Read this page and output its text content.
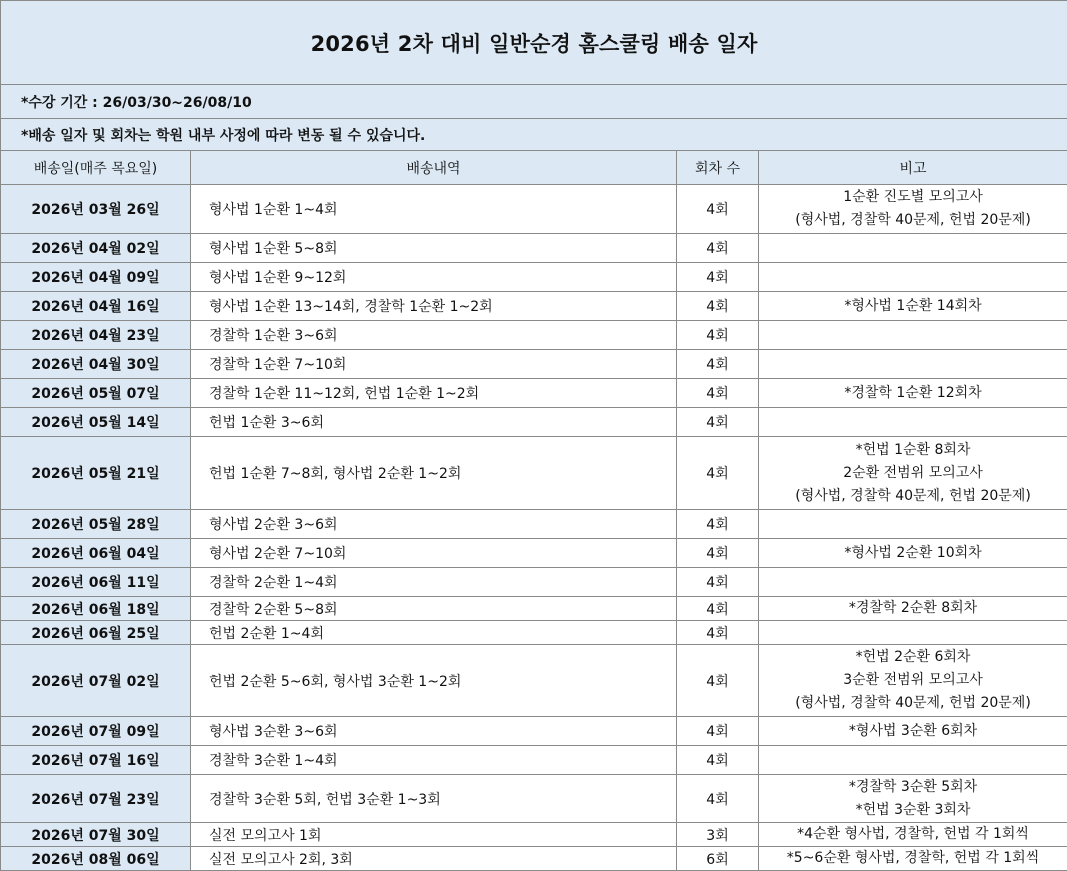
2026년 2차 대비 일반순경 홈스쿨링 배송 일자			
*수강 기간 : 26/03/30~26/08/10			
*배송 일자 및 회차는 학원 내부 사정에 따라 변동 될 수 있습니다.			
배송일(매주 목요일)	배송내역	회차 수	비고
2026년 03월 26일	형사법 1순환 1~4회	4회	1순환 진도별 모의고사
(형사법, 경찰학 40문제, 헌법 20문제)

2026년 04월 02일	형사법 1순환 5~8회	4회	
2026년 04월 09일	형사법 1순환 9~12회	4회	
2026년 04월 16일	형사법 1순환 13~14회, 경찰학 1순환 1~2회	4회	*형사법 1순환 14회차

2026년 04월 23일	경찰학 1순환 3~6회	4회	
2026년 04월 30일	경찰학 1순환 7~10회	4회	
2026년 05월 07일	경찰학 1순환 11~12회, 헌법 1순환 1~2회	4회	*경찰학 1순환 12회차

2026년 05월 14일	헌법 1순환 3~6회	4회	
2026년 05월 21일	헌법 1순환 7~8회, 형사법 2순환 1~2회	4회	*헌법 1순환 8회차
2순환 전범위 모의고사
(형사법, 경찰학 40문제, 헌법 20문제)

2026년 05월 28일	형사법 2순환 3~6회	4회	
2026년 06월 04일	형사법 2순환 7~10회	4회	*형사법 2순환 10회차

2026년 06월 11일	경찰학 2순환 1~4회	4회	
2026년 06월 18일	경찰학 2순환 5~8회	4회	*경찰학 2순환 8회차

2026년 06월 25일	헌법 2순환 1~4회	4회	
2026년 07월 02일	헌법 2순환 5~6회, 형사법 3순환 1~2회	4회	*헌법 2순환 6회차
3순환 전범위 모의고사
(형사법, 경찰학 40문제, 헌법 20문제)

2026년 07월 09일	형사법 3순환 3~6회	4회	*형사법 3순환 6회차

2026년 07월 16일	경찰학 3순환 1~4회	4회	
2026년 07월 23일	경찰학 3순환 5회, 헌법 3순환 1~3회	4회	*경찰학 3순환 5회차
*헌법 3순환 3회차

2026년 07월 30일	실전 모의고사 1회	3회	*4순환 형사법, 경찰학, 헌법 각 1회씩

2026년 08월 06일	실전 모의고사 2회, 3회	6회	*5~6순환 형사법, 경찰학, 헌법 각 1회씩
